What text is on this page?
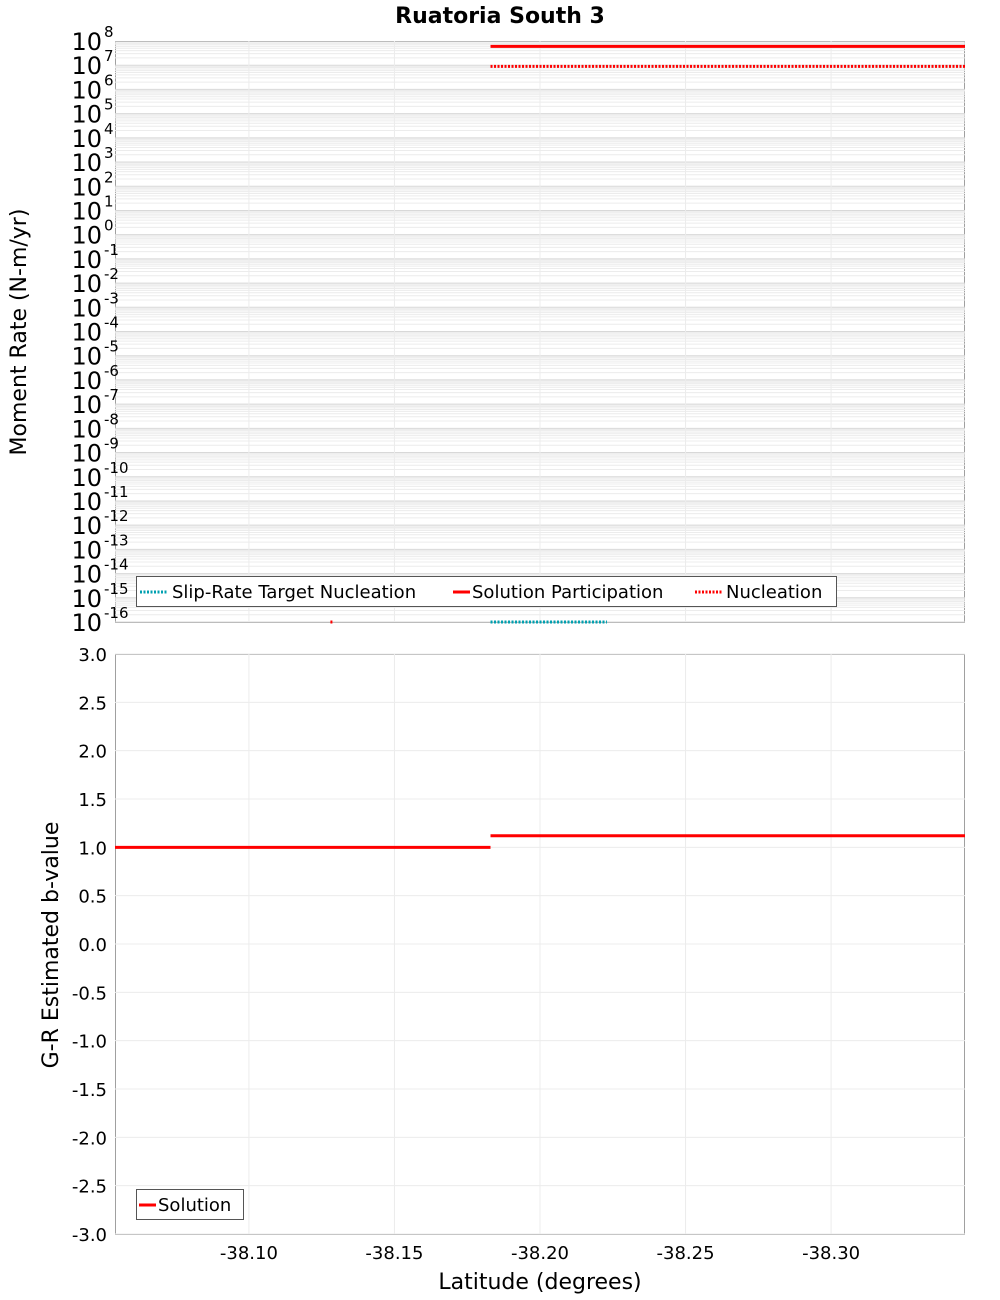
Ruatoria South 3
10 8
10 7
10 6
10 5
10 4
10 3
10 2
10 1
10 0
10 -1
10 -2
10 -3
10 -4
10 -5
10 -6
10 -7
10 -8
10 -9
10 -10
10 -11
10 -12
10 -13
10 -14
10 -15
10 -16
Moment Rate (N-m/yr)
Slip-Rate Target Nucleation	Solution Participation	Nucleation
3.0
2.5
2.0
1.5
1.0
0.5
0.0
-0.5
-1.0
-1.5
-2.0
-2.5
-3.0
-38.10	-38.15	-38.20	-38.25	-38.30
G-R Estimated b-value
Latitude (degrees)
Solution
